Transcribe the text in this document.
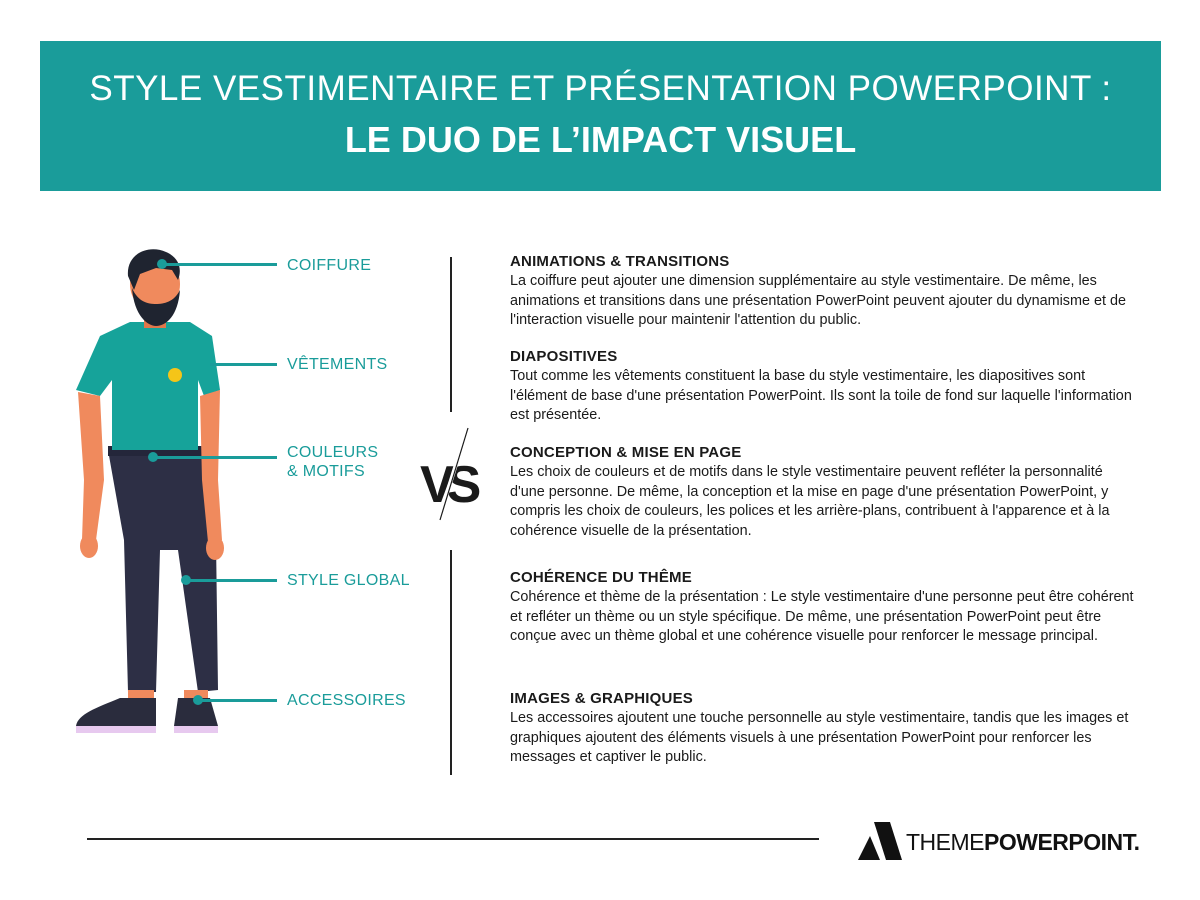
STYLE VESTIMENTAIRE ET PRÉSENTATION POWERPOINT :
LE DUO DE L’IMPACT VISUEL
COIFFURE
VÊTEMENTS
COULEURS
& MOTIFS
STYLE GLOBAL
ACCESSOIRES
VS
ANIMATIONS & TRANSITIONS

La coiffure peut ajouter une dimension supplémentaire au style vestimentaire. De même, les animations et transitions dans une présentation PowerPoint peuvent ajouter du dynamisme et de l'interaction visuelle pour maintenir l'attention du public.

DIAPOSITIVES

Tout comme les vêtements constituent la base du style vestimentaire, les diapositives sont l'élément de base d'une présentation PowerPoint. Ils sont la toile de fond sur laquelle l'information est présentée.

CONCEPTION & MISE EN PAGE

Les choix de couleurs et de motifs dans le style vestimentaire peuvent refléter la personnalité d'une personne. De même, la conception et la mise en page d'une présentation PowerPoint, y compris les choix de couleurs, les polices et les arrière-plans, contribuent à l'apparence et à la cohérence visuelle de la présentation.

COHÉRENCE DU THÊME

Cohérence et thème de la présentation : Le style vestimentaire d'une personne peut être cohérent et refléter un thème ou un style spécifique. De même, une présentation PowerPoint peut être conçue avec un thème global et une cohérence visuelle pour renforcer le message principal.

IMAGES & GRAPHIQUES

Les accessoires ajoutent une touche personnelle au style vestimentaire, tandis que les images et graphiques ajoutent des éléments visuels à une présentation PowerPoint pour renforcer les messages et captiver le public.

THEMEPOWERPOINT.
